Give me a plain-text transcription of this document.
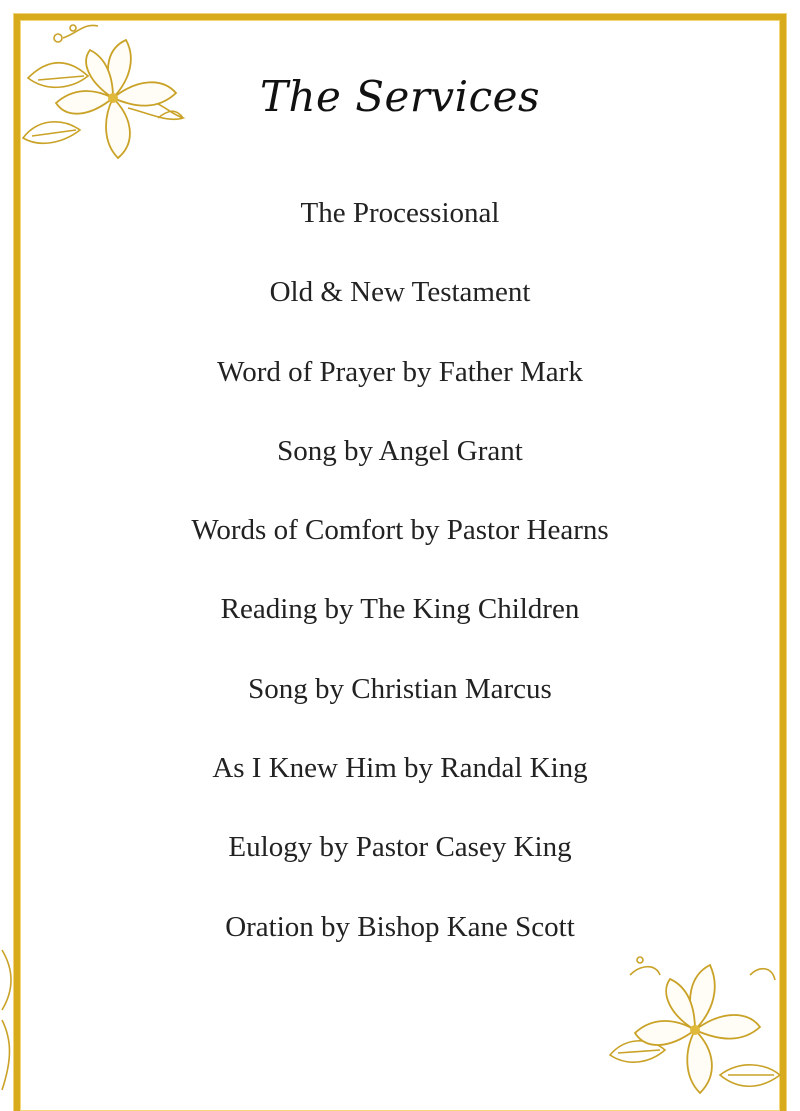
The Services
The Processional
Old & New Testament
Word of Prayer by Father Mark
Song by Angel Grant
Words of Comfort by Pastor Hearns
Reading by The King Children
Song by Christian Marcus
As I Knew Him by Randal King
Eulogy by Pastor Casey King
Oration by Bishop Kane Scott
